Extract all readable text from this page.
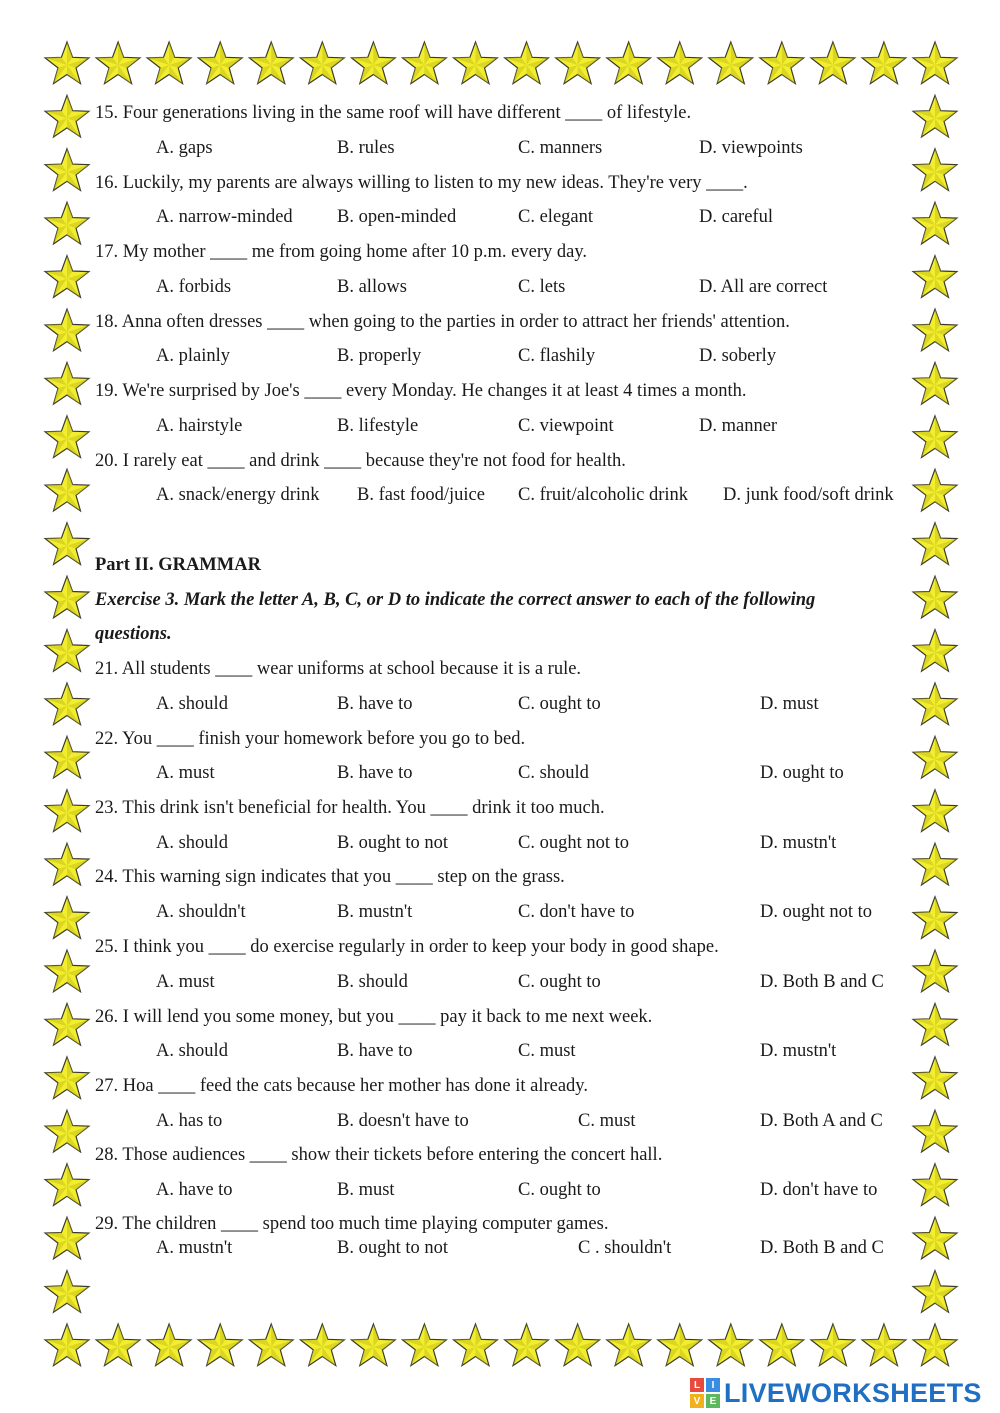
15. Four generations living in the same roof will have different ____ of lifestyle.
A. gaps	B. rules	C. manners	D. viewpoints
16. Luckily, my parents are always willing to listen to my new ideas. They're very ____.
A. narrow-minded B. open-minded	C. elegant	D. careful
17. My mother ____ me from going home after 10 p.m. every day.
A. forbids	B. allows	C. lets	D. All are correct
18. Anna often dresses ____ when going to the parties in order to attract her friends' attention.
A. plainly	B. properly	C. flashily	D. soberly
19. We're surprised by Joe's ____ every Monday. He changes it at least 4 times a month.
A. hairstyle	B. lifestyle	C. viewpoint	D. manner
20. I rarely eat ____ and drink ____ because they're not food for health.
A. snack/energy drink B. fast food/juice C. fruit/alcoholic drink D. junk food/soft drink
Part II. GRAMMAR
Exercise 3. Mark the letter A, B, C, or D to indicate the correct answer to each of the following
questions.
21. All students ____ wear uniforms at school because it is a rule.
A. should	B. have to	C. ought to	D. must
22. You ____ finish your homework before you go to bed.
A. must	B. have to	C. should	D. ought to
23. This drink isn't beneficial for health. You ____ drink it too much.
A. should	B. ought to not	C. ought not to	D. mustn't
24. This warning sign indicates that you ____ step on the grass.
A. shouldn't	B. mustn't	C. don't have to	D. ought not to
25. I think you ____ do exercise regularly in order to keep your body in good shape.
A. must	B. should	C. ought to	D. Both B and C
26. I will lend you some money, but you ____ pay it back to me next week.
A. should	B. have to	C. must	D. mustn't
27. Hoa ____ feed the cats because her mother has done it already.
A. has to	B. doesn't have to	C. must	D. Both A and C
28. Those audiences ____ show their tickets before entering the concert hall.
A. have to	B. must	C. ought to	D. don't have to
29. The children ____ spend too much time playing computer games.
A. mustn't	B. ought to not	C . shouldn't	D. Both B and C
L	I
V E LIVEWORKSHEETS
